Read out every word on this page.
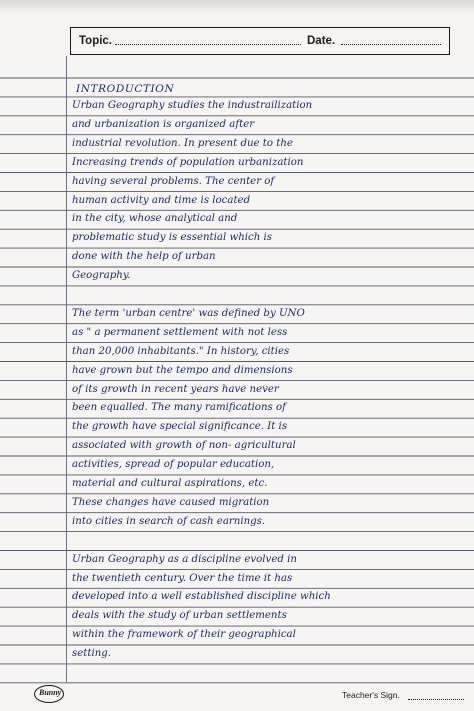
Topic.	Date.
INTRODUCTION
Urban Geography studies the industrailization
and urbanization is organized after
industrial revolution. In present due to the
Increasing trends of population urbanization
having several problems. The center of
human activity and time is located
in the city, whose analytical and
problematic study is essential which is
done with the help of urban
Geography.
The term 'urban centre' was defined by UNO
as " a permanent settlement with not less
than 20,000 inhabitants." In history, cities
have grown but the tempo and dimensions
of its growth in recent years have never
been equalled. The many ramifications of
the growth have special significance. It is
associated with growth of non- agricultural
activities, spread of popular education,
material and cultural aspirations, etc.
These changes have caused migration
into cities in search of cash earnings.
Urban Geography as a discipline evolved in
the twentieth century. Over the time it has
developed into a well established discipline which
deals with the study of urban settlements
within the framework of their geographical
setting.
Bunny	Teacher's Sign.
